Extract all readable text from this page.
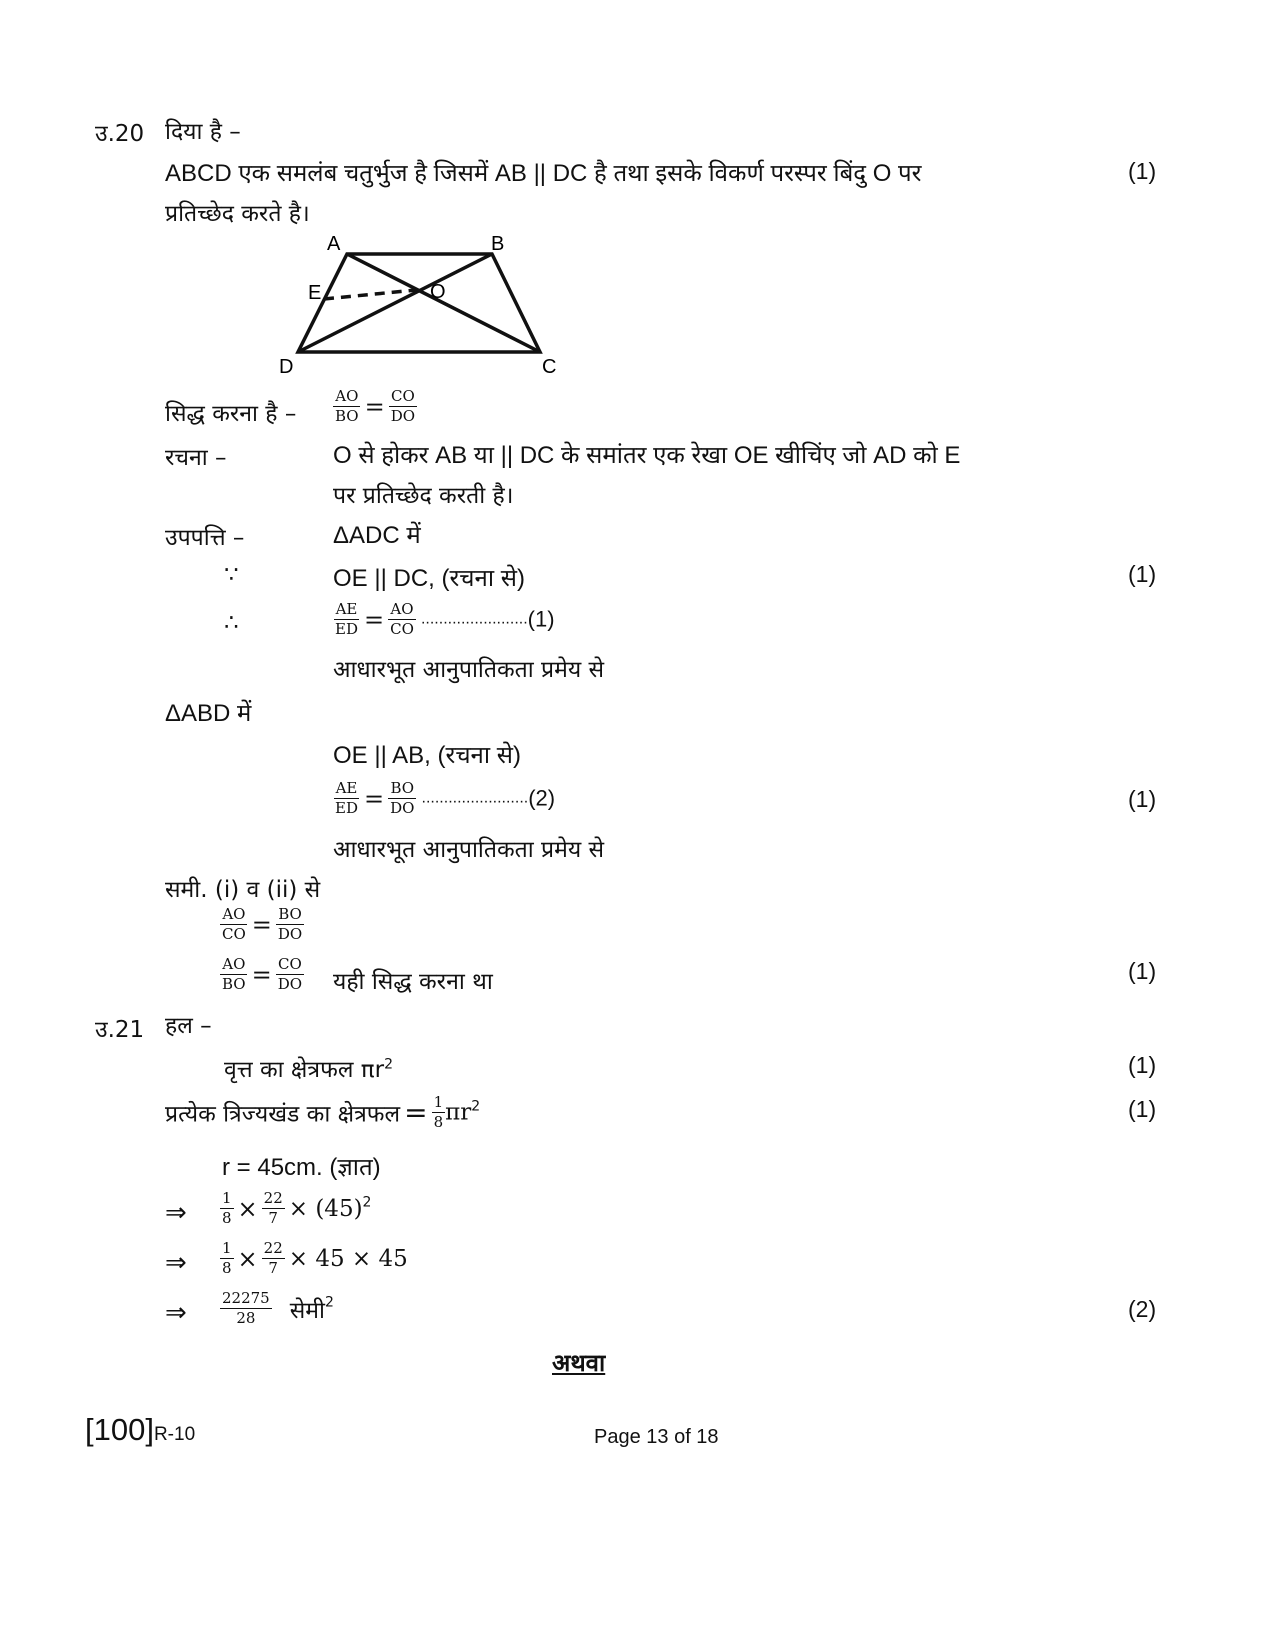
उ.20 दिया है –
ABCD एक समलंब चतुर्भुज है जिसमें AB || DC है तथा इसके विकर्ण परस्पर बिंदु O पर	(1)
प्रतिच्छेद करते है।
A	B
E	O
D	C
सिद्ध करना है – $\frac{AO}{BO} = \frac{CO}{DO}$
रचना –	O से होकर AB या || DC के समांतर एक रेखा OE खीचिंए जो AD को E
पर प्रतिच्छेद करती है।
उपपत्ति –	ΔADC में
∵	OE || DC, (रचना से)	(1)
∴	$\frac{AE}{ED} = \frac{AO}{CO} ........................(1)$
आधारभूत आनुपातिकता प्रमेय से
ΔABD में
OE || AB, (रचना से)
$\frac{AE}{ED} = \frac{BO}{DO} ........................(2)$	(1)
आधारभूत आनुपातिकता प्रमेय से
समी. (i) व (ii) से
$\frac{AO}{CO} = \frac{BO}{DO}$
$\frac{AO}{BO} = \frac{CO}{DO}$ यही सिद्ध करना था	(1)
उ.21 हल –
वृत्त का क्षेत्रफल $\pi r^2$	(1)
प्रत्येक त्रिज्यखंड का क्षेत्रफल = $\frac{1}{8} \pi r^2$	(1)
r = 45cm. (ज्ञात)
⇒ $\frac{1}{8} \times \frac{22}{7} \times (45)^2$
⇒ $\frac{1}{8} \times \frac{22}{7} \times 45 \times 45$
⇒ $\frac{22275}{28}$ सेमी$^2$	(2)
अथवा
[100]R-10	Page 13 of 18
